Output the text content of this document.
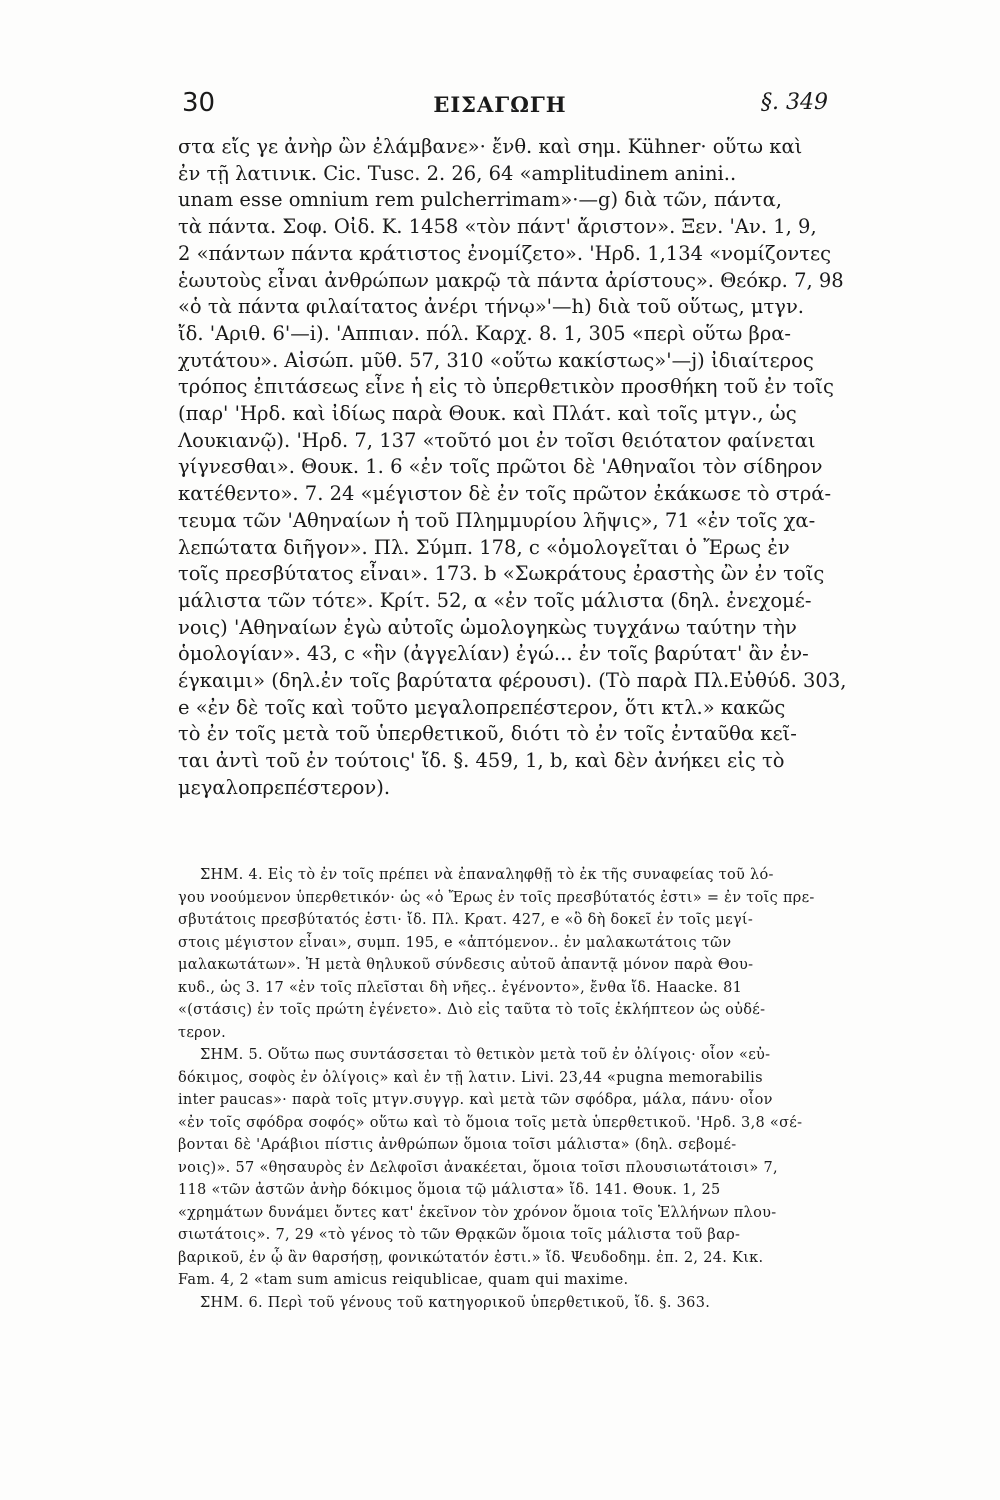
30	ΕΙΣΑΓΩΓΗ	§. 349

στα εἴς γε ἀνὴρ ὢν ἐλάμβανε»· ἔνθ. καὶ σημ. Kühner· οὕτω καὶ

ἐν τῇ λατινικ. Cic. Tusc. 2. 26, 64 «amplitudinem anini..

unam esse omnium rem pulcherrimam»·—g) διὰ τῶν, πάντα,

τὰ πάντα. Σοφ. Οἰδ. Κ. 1458 «τὸν πάντ' ἄριστον». Ξεν. 'Αν. 1, 9,

2 «πάντων πάντα κράτιστος ἐνομίζετο». 'Ηρδ. 1,134 «νομίζοντες

ἑωυτοὺς εἶναι ἀνθρώπων μακρῷ τὰ πάντα ἀρίστους». Θεόκρ. 7, 98

«ὁ τὰ πάντα φιλαίτατος ἀνέρι τήνῳ»'—h) διὰ τοῦ οὕτως, μτγν.

ἴδ. 'Αριθ. 6'—i). 'Αππιαν. πόλ. Καρχ. 8. 1, 305 «περὶ οὕτω βρα-

χυτάτου». Αἰσώπ. μῦθ. 57, 310 «οὕτω κακίστως»'—j) ἰδιαίτερος

τρόπος ἐπιτάσεως εἶνε ἡ εἰς τὸ ὑπερθετικὸν προσθήκη τοῦ ἐν τοῖς

(παρ' 'Ηρδ. καὶ ἰδίως παρὰ Θουκ. καὶ Πλάτ. καὶ τοῖς μτγν., ὡς

Λουκιανῷ). 'Ηρδ. 7, 137 «τοῦτό μοι ἐν τοῖσι θειότατον φαίνεται

γίγνεσθαι». Θουκ. 1. 6 «ἐν τοῖς πρῶτοι δὲ 'Αθηναῖοι τὸν σίδηρον

κατέθεντο». 7. 24 «μέγιστον δὲ ἐν τοῖς πρῶτον ἐκάκωσε τὸ στρά-

τευμα τῶν 'Αθηναίων ἡ τοῦ Πλημμυρίου λῆψις», 71 «ἐν τοῖς χα-

λεπώτατα διῆγον». Πλ. Σύμπ. 178, c «ὁμολογεῖται ὁ Ἔρως ἐν

τοῖς πρεσβύτατος εἶναι». 173. b «Σωκράτους ἐραστὴς ὢν ἐν τοῖς

μάλιστα τῶν τότε». Κρίτ. 52, α «ἐν τοῖς μάλιστα (δηλ. ἐνεχομέ-

νοις) 'Αθηναίων ἐγὼ αὐτοῖς ὡμολογηκὼς τυγχάνω ταύτην τὴν

ὁμολογίαν». 43, c «ἣν (ἀγγελίαν) ἐγώ... ἐν τοῖς βαρύτατ' ἂν ἐν-

έγκαιμι» (δηλ.ἐν τοῖς βαρύτατα φέρουσι). (Τὸ παρὰ Πλ.Εὐθύδ. 303,

e «ἐν δὲ τοῖς καὶ τοῦτο μεγαλοπρεπέστερον, ὅτι κτλ.» κακῶς

τὸ ἐν τοῖς μετὰ τοῦ ὑπερθετικοῦ, διότι τὸ ἐν τοῖς ἐνταῦθα κεῖ-

ται ἀντὶ τοῦ ἐν τούτοις' ἴδ. §. 459, 1, b, καὶ δὲν ἀνήκει εἰς τὸ

μεγαλοπρεπέστερον).

ΣΗΜ. 4. Εἰς τὸ ἐν τοῖς πρέπει νὰ ἐπαναληφθῇ τὸ ἐκ τῆς συναφείας τοῦ λό-

γου νοούμενον ὑπερθετικόν· ὡς «ὁ Ἔρως ἐν τοῖς πρεσβύτατός ἐστι» = ἐν τοῖς πρε-

σβυτάτοις πρεσβύτατός ἐστι· ἴδ. Πλ. Κρατ. 427, e «ὃ δὴ δοκεῖ ἐν τοῖς μεγί-

στοις μέγιστον εἶναι», συμπ. 195, e «ἁπτόμενον.. ἐν μαλακωτάτοις τῶν

μαλακωτάτων». Ἡ μετὰ θηλυκοῦ σύνδεσις αὐτοῦ ἀπαντᾷ μόνον παρὰ Θου-

κυδ., ὡς 3. 17 «ἐν τοῖς πλεῖσται δὴ νῆες.. ἐγένοντο», ἔνθα ἴδ. Haacke. 81

«(στάσις) ἐν τοῖς πρώτη ἐγένετο». Διὸ εἰς ταῦτα τὸ τοῖς ἐκλήπτεον ὡς οὐδέ-

τερον.

ΣΗΜ. 5. Οὕτω πως συντάσσεται τὸ θετικὸν μετὰ τοῦ ἐν ὀλίγοις· οἷον «εὐ-

δόκιμος, σοφὸς ἐν ὀλίγοις» καὶ ἐν τῇ λατιν. Livi. 23,44 «pugna memorabilis

inter paucas»· παρὰ τοῖς μτγν.συγγρ. καὶ μετὰ τῶν σφόδρα, μάλα, πάνυ· οἷον

«ἐν τοῖς σφόδρα σοφός» οὕτω καὶ τὸ ὅμοια τοῖς μετὰ ὑπερθετικοῦ. 'Ηρδ. 3,8 «σέ-

βονται δὲ 'Αράβιοι πίστις ἀνθρώπων ὅμοια τοῖσι μάλιστα» (δηλ. σεβομέ-

νοις)». 57 «θησαυρὸς ἐν Δελφοῖσι ἀνακέεται, ὅμοια τοῖσι πλουσιωτάτοισι» 7,

118 «τῶν ἀστῶν ἀνὴρ δόκιμος ὅμοια τῷ μάλιστα» ἴδ. 141. Θουκ. 1, 25

«χρημάτων δυνάμει ὄντες κατ' ἐκεῖνον τὸν χρόνον ὅμοια τοῖς Ἑλλήνων πλου-

σιωτάτοις». 7, 29 «τὸ γένος τὸ τῶν Θρᾳκῶν ὅμοια τοῖς μάλιστα τοῦ βαρ-

βαρικοῦ, ἐν ᾧ ἂν θαρσήσῃ, φονικώτατόν ἐστι.» ἴδ. Ψευδοδημ. ἐπ. 2, 24. Κικ.

Fam. 4, 2 «tam sum amicus reiqublicae, quam qui maxime.

ΣΗΜ. 6. Περὶ τοῦ γένους τοῦ κατηγορικοῦ ὑπερθετικοῦ, ἴδ. §. 363.
